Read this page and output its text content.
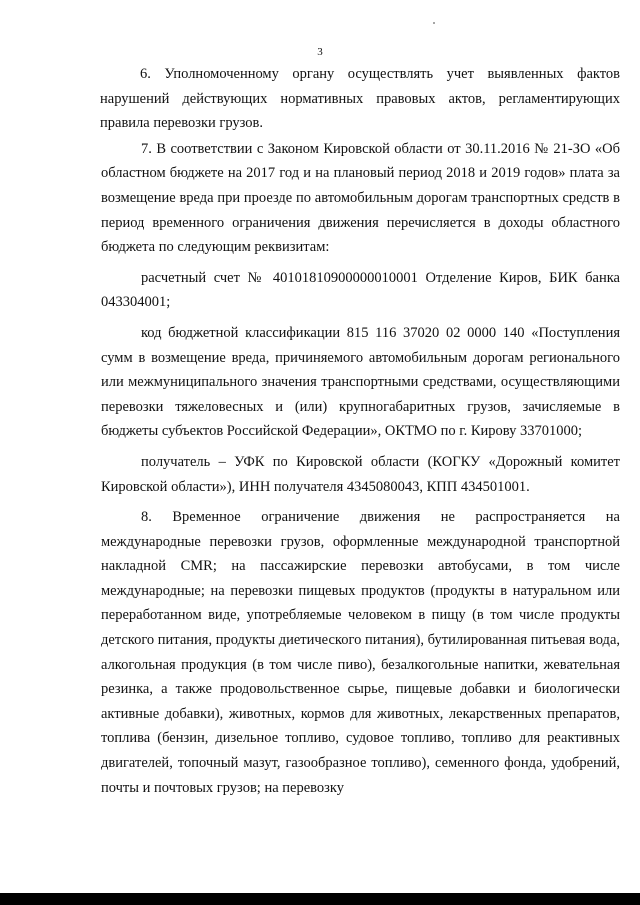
3

6. Уполномоченному органу осуществлять учет выявленных фактов нарушений действующих нормативных правовых актов, регламентирующих правила перевозки грузов.

7. В соответствии с Законом Кировской области от 30.11.2016 № 21-ЗО «Об областном бюджете на 2017 год и на плановый период 2018 и 2019 годов» плата за возмещение вреда при проезде по автомобильным дорогам транспортных средств в период временного ограничения движения перечисляется в доходы областного бюджета по следующим реквизитам:

расчетный счет № 40101810900000010001 Отделение Киров, БИК банка 043304001;

код бюджетной классификации 815 116 37020 02 0000 140 «Поступления сумм в возмещение вреда, причиняемого автомобильным дорогам регионального или межмуниципального значения транспортными средствами, осуществляющими перевозки тяжеловесных и (или) крупногабаритных грузов, зачисляемые в бюджеты субъектов Российской Федерации», ОКТМО по г. Кирову 33701000;

получатель – УФК по Кировской области (КОГКУ «Дорожный комитет Кировской области»), ИНН получателя 4345080043, КПП 434501001.

8. Временное ограничение движения не распространяется на международные перевозки грузов, оформленные международной транспортной накладной CMR; на пассажирские перевозки автобусами, в том числе международные; на перевозки пищевых продуктов (продукты в натуральном или переработанном виде, употребляемые человеком в пищу (в том числе продукты детского питания, продукты диетического питания), бутилированная питьевая вода, алкогольная продукция (в том числе пиво), безалкогольные напитки, жевательная резинка, а также продовольственное сырье, пищевые добавки и биологически активные добавки), животных, кормов для животных, лекарственных препаратов, топлива (бензин, дизельное топливо, судовое топливо, топливо для реактивных двигателей, топочный мазут, газообразное топливо), семенного фонда, удобрений, почты и почтовых грузов; на перевозку
